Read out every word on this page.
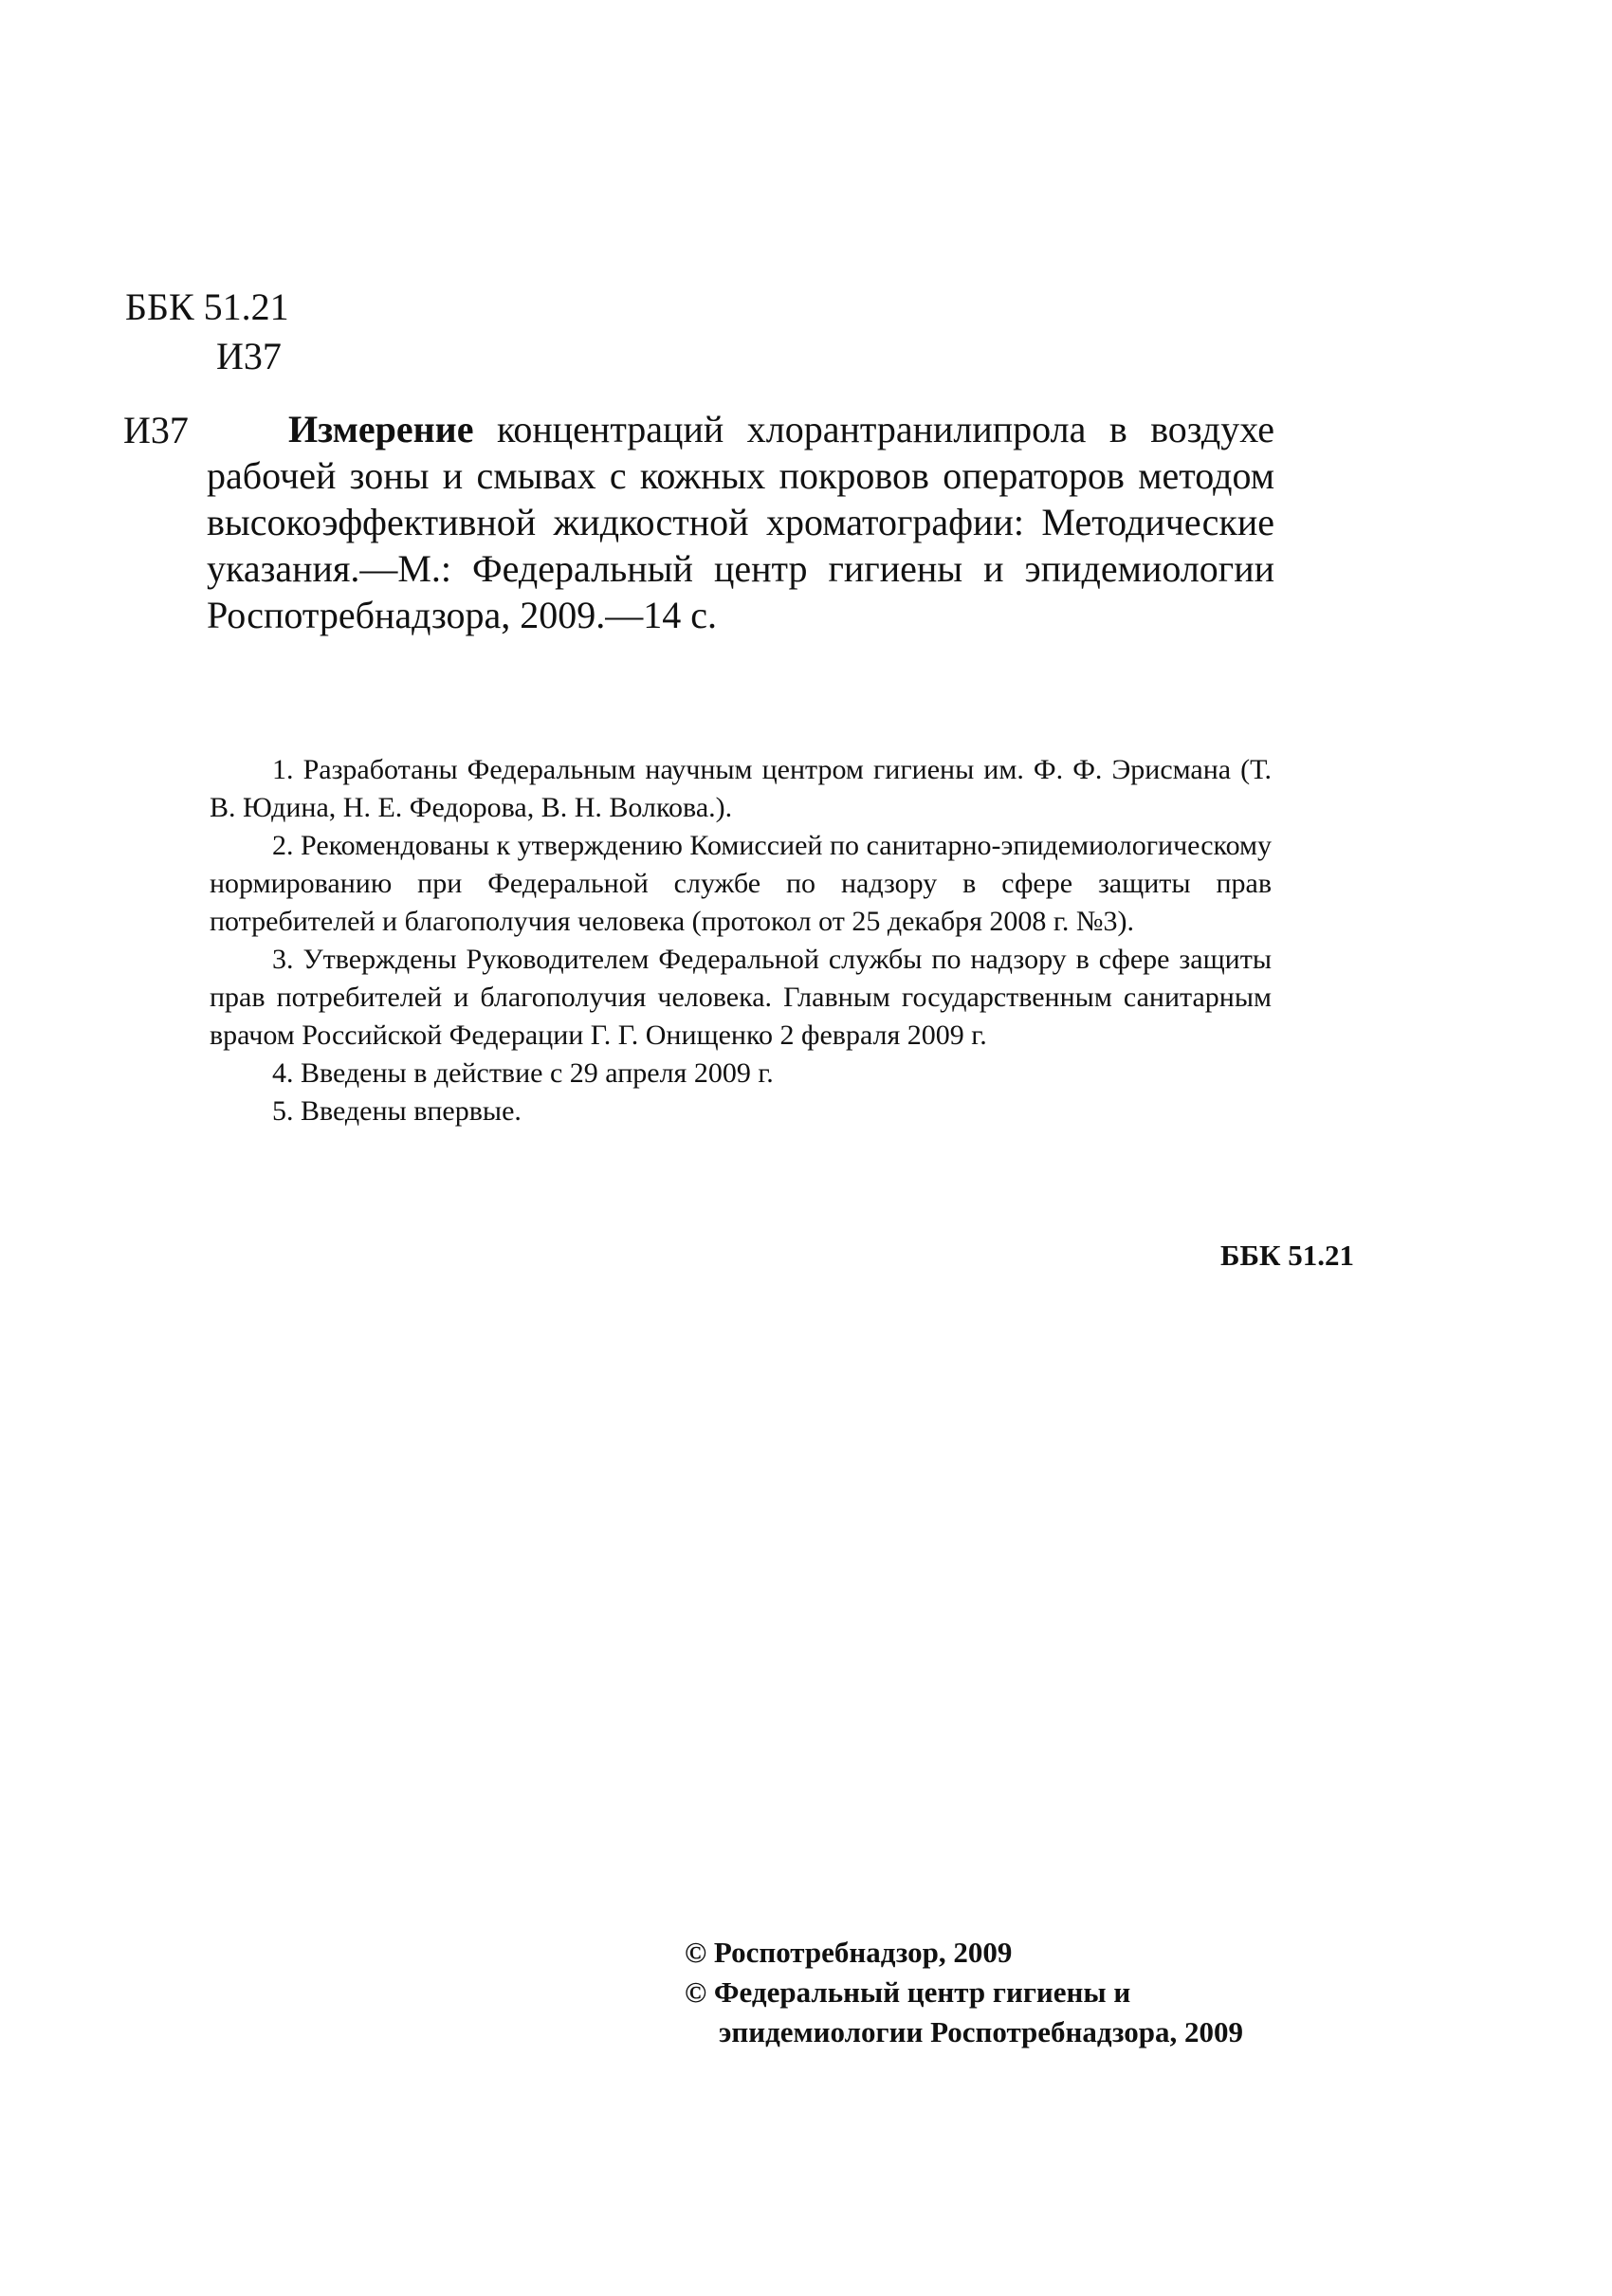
ББК 51.21
И37
И37	Измерение концентраций хлорантранилипрола в воздухе рабочей зоны и смывах с кожных покровов операторов методом высокоэффективной жидкостной хроматографии: Методические указания.—М.: Федеральный центр гигиены и эпидемиологии Роспотребнадзора, 2009.—14 с.

1. Разработаны Федеральным научным центром гигиены им. Ф. Ф. Эрисмана (Т. В. Юдина, Н. Е. Федорова, В. Н. Волкова.).

2. Рекомендованы к утверждению Комиссией по санитарно-эпидемиологическому нормированию при Федеральной службе по надзору в сфере защиты прав потребителей и благополучия человека (протокол от 25 декабря 2008 г. №3).

3. Утверждены Руководителем Федеральной службы по надзору в сфере защиты прав потребителей и благополучия человека. Главным государственным санитарным врачом Российской Федерации Г. Г. Онищенко 2 февраля 2009 г.

4. Введены в действие с 29 апреля 2009 г.

5. Введены впервые.

ББК 51.21
© Роспотребнадзор, 2009
© Федеральный центр гигиены и
эпидемиологии Роспотребнадзора, 2009
